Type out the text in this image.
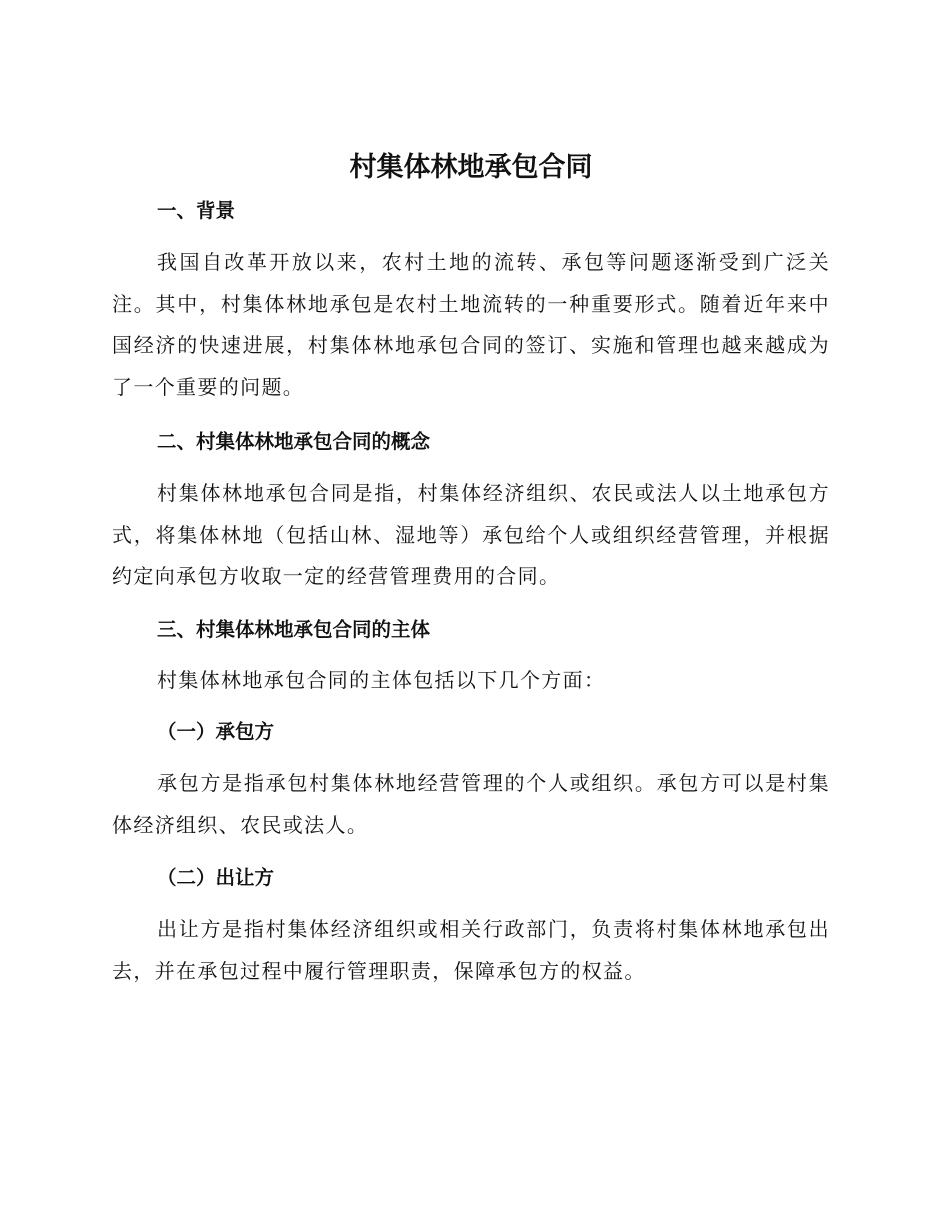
村集体林地承包合同
一、背景

我国自改革开放以来，农村土地的流转、承包等问题逐渐受到广泛关注。其中，村集体林地承包是农村土地流转的一种重要形式。随着近年来中国经济的快速进展，村集体林地承包合同的签订、实施和管理也越来越成为了一个重要的问题。

二、村集体林地承包合同的概念

村集体林地承包合同是指，村集体经济组织、农民或法人以土地承包方式，将集体林地（包括山林、湿地等）承包给个人或组织经营管理，并根据约定向承包方收取一定的经营管理费用的合同。

三、村集体林地承包合同的主体

村集体林地承包合同的主体包括以下几个方面：

（一）承包方

承包方是指承包村集体林地经营管理的个人或组织。承包方可以是村集体经济组织、农民或法人。

（二）出让方

出让方是指村集体经济组织或相关行政部门，负责将村集体林地承包出去，并在承包过程中履行管理职责，保障承包方的权益。
